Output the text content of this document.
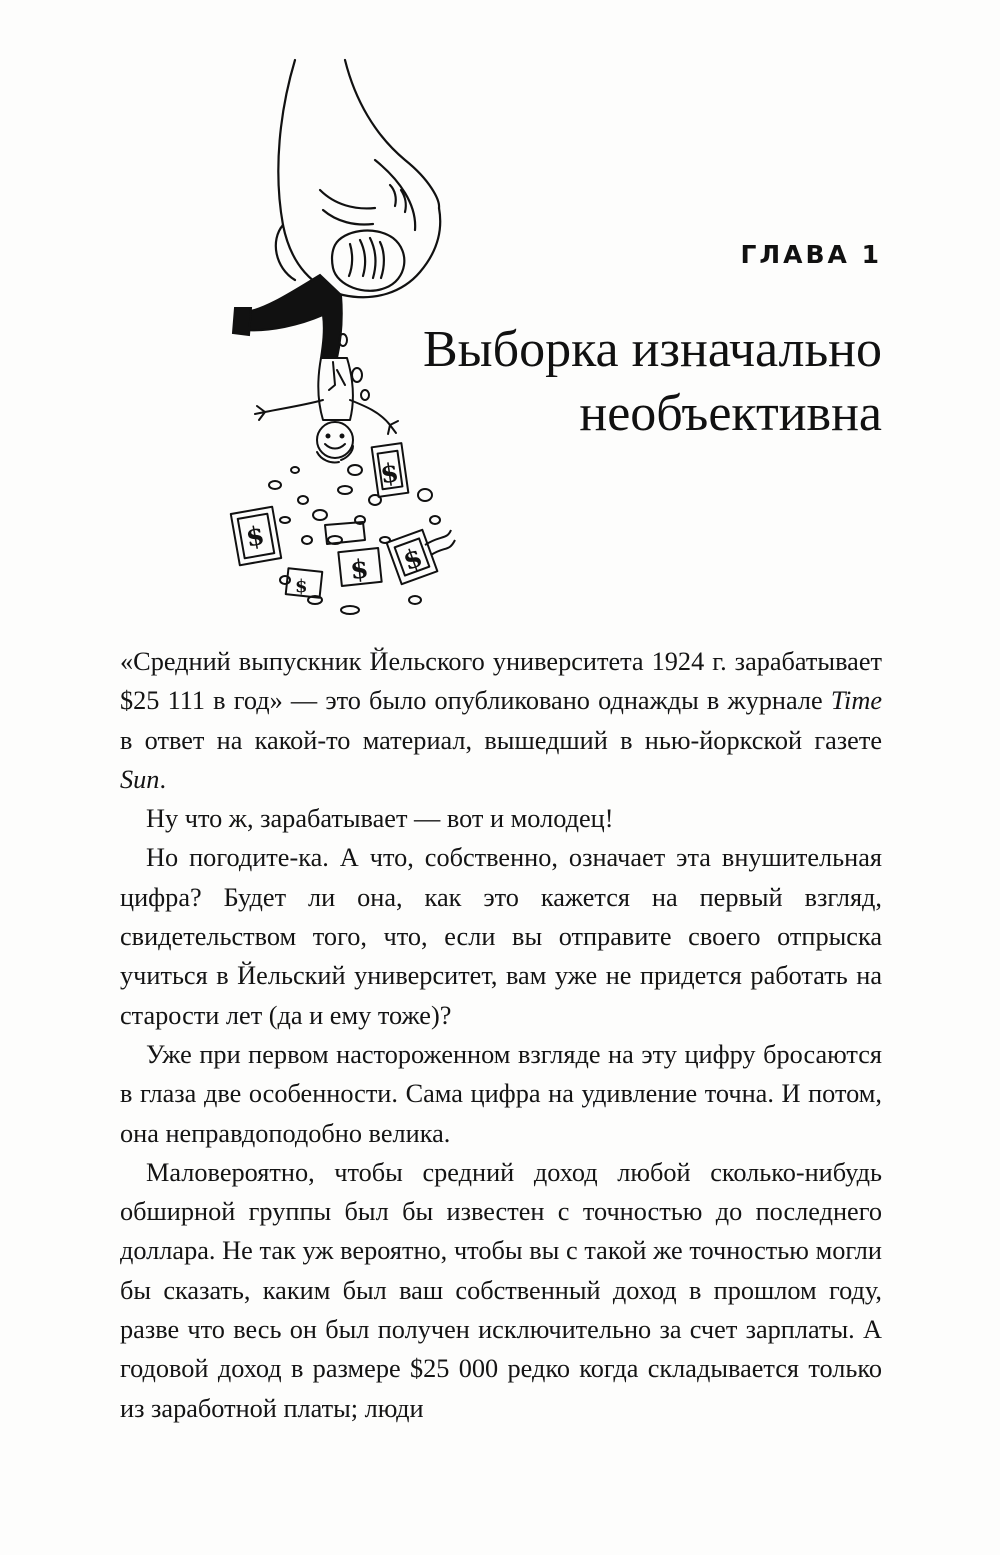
$
$
$ $
$
ГЛАВА 1
Выборка изначально
необъективна

«Средний выпускник Йельского университета 1924 г. зарабатывает $25 111 в год» — это было опубликовано однажды в журнале Time в ответ на какой-то материал, вышедший в нью-йоркской газете Sun.

Ну что ж, зарабатывает — вот и молодец!

Но погодите-ка. А что, собственно, означает эта внушительная цифра? Будет ли она, как это кажется на первый взгляд, свидетельством того, что, если вы отправите своего отпрыска учиться в Йельский университет, вам уже не придется работать на старости лет (да и ему тоже)?

Уже при первом настороженном взгляде на эту цифру бросаются в глаза две особенности. Сама цифра на удивление точна. И потом, она неправдоподобно велика.

Маловероятно, чтобы средний доход любой сколько-нибудь обширной группы был бы известен с точностью до последнего доллара. Не так уж вероятно, чтобы вы с такой же точностью могли бы сказать, каким был ваш собственный доход в прошлом году, разве что весь он был получен исключительно за счет зарплаты. А годовой доход в размере $25 000 редко когда складывается только из заработной платы; люди
